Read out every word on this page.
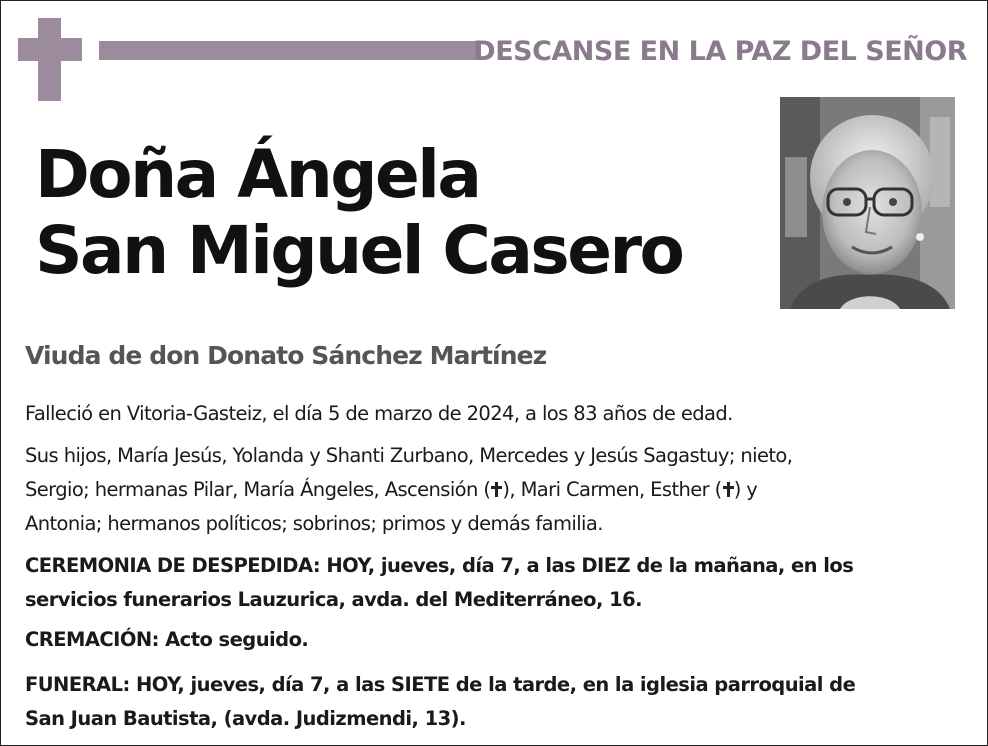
DESCANSE EN LA PAZ DEL SEÑOR
Doña Ángela
San Miguel Casero
Viuda de don Donato Sánchez Martínez
Falleció en Vitoria-Gasteiz, el día 5 de marzo de 2024, a los 83 años de edad.
Sus hijos, María Jesús, Yolanda y Shanti Zurbano, Mercedes y Jesús Sagastuy; nieto,
Sergio; hermanas Pilar, María Ángeles, Ascensión ( ), Mari Carmen, Esther ( ) y
Antonia; hermanos políticos; sobrinos; primos y demás familia.
CEREMONIA DE DESPEDIDA: HOY, jueves, día 7, a las DIEZ de la mañana, en los
servicios funerarios Lauzurica, avda. del Mediterráneo, 16.
CREMACIÓN: Acto seguido.
FUNERAL: HOY, jueves, día 7, a las SIETE de la tarde, en la iglesia parroquial de
San Juan Bautista, (avda. Judizmendi, 13).
